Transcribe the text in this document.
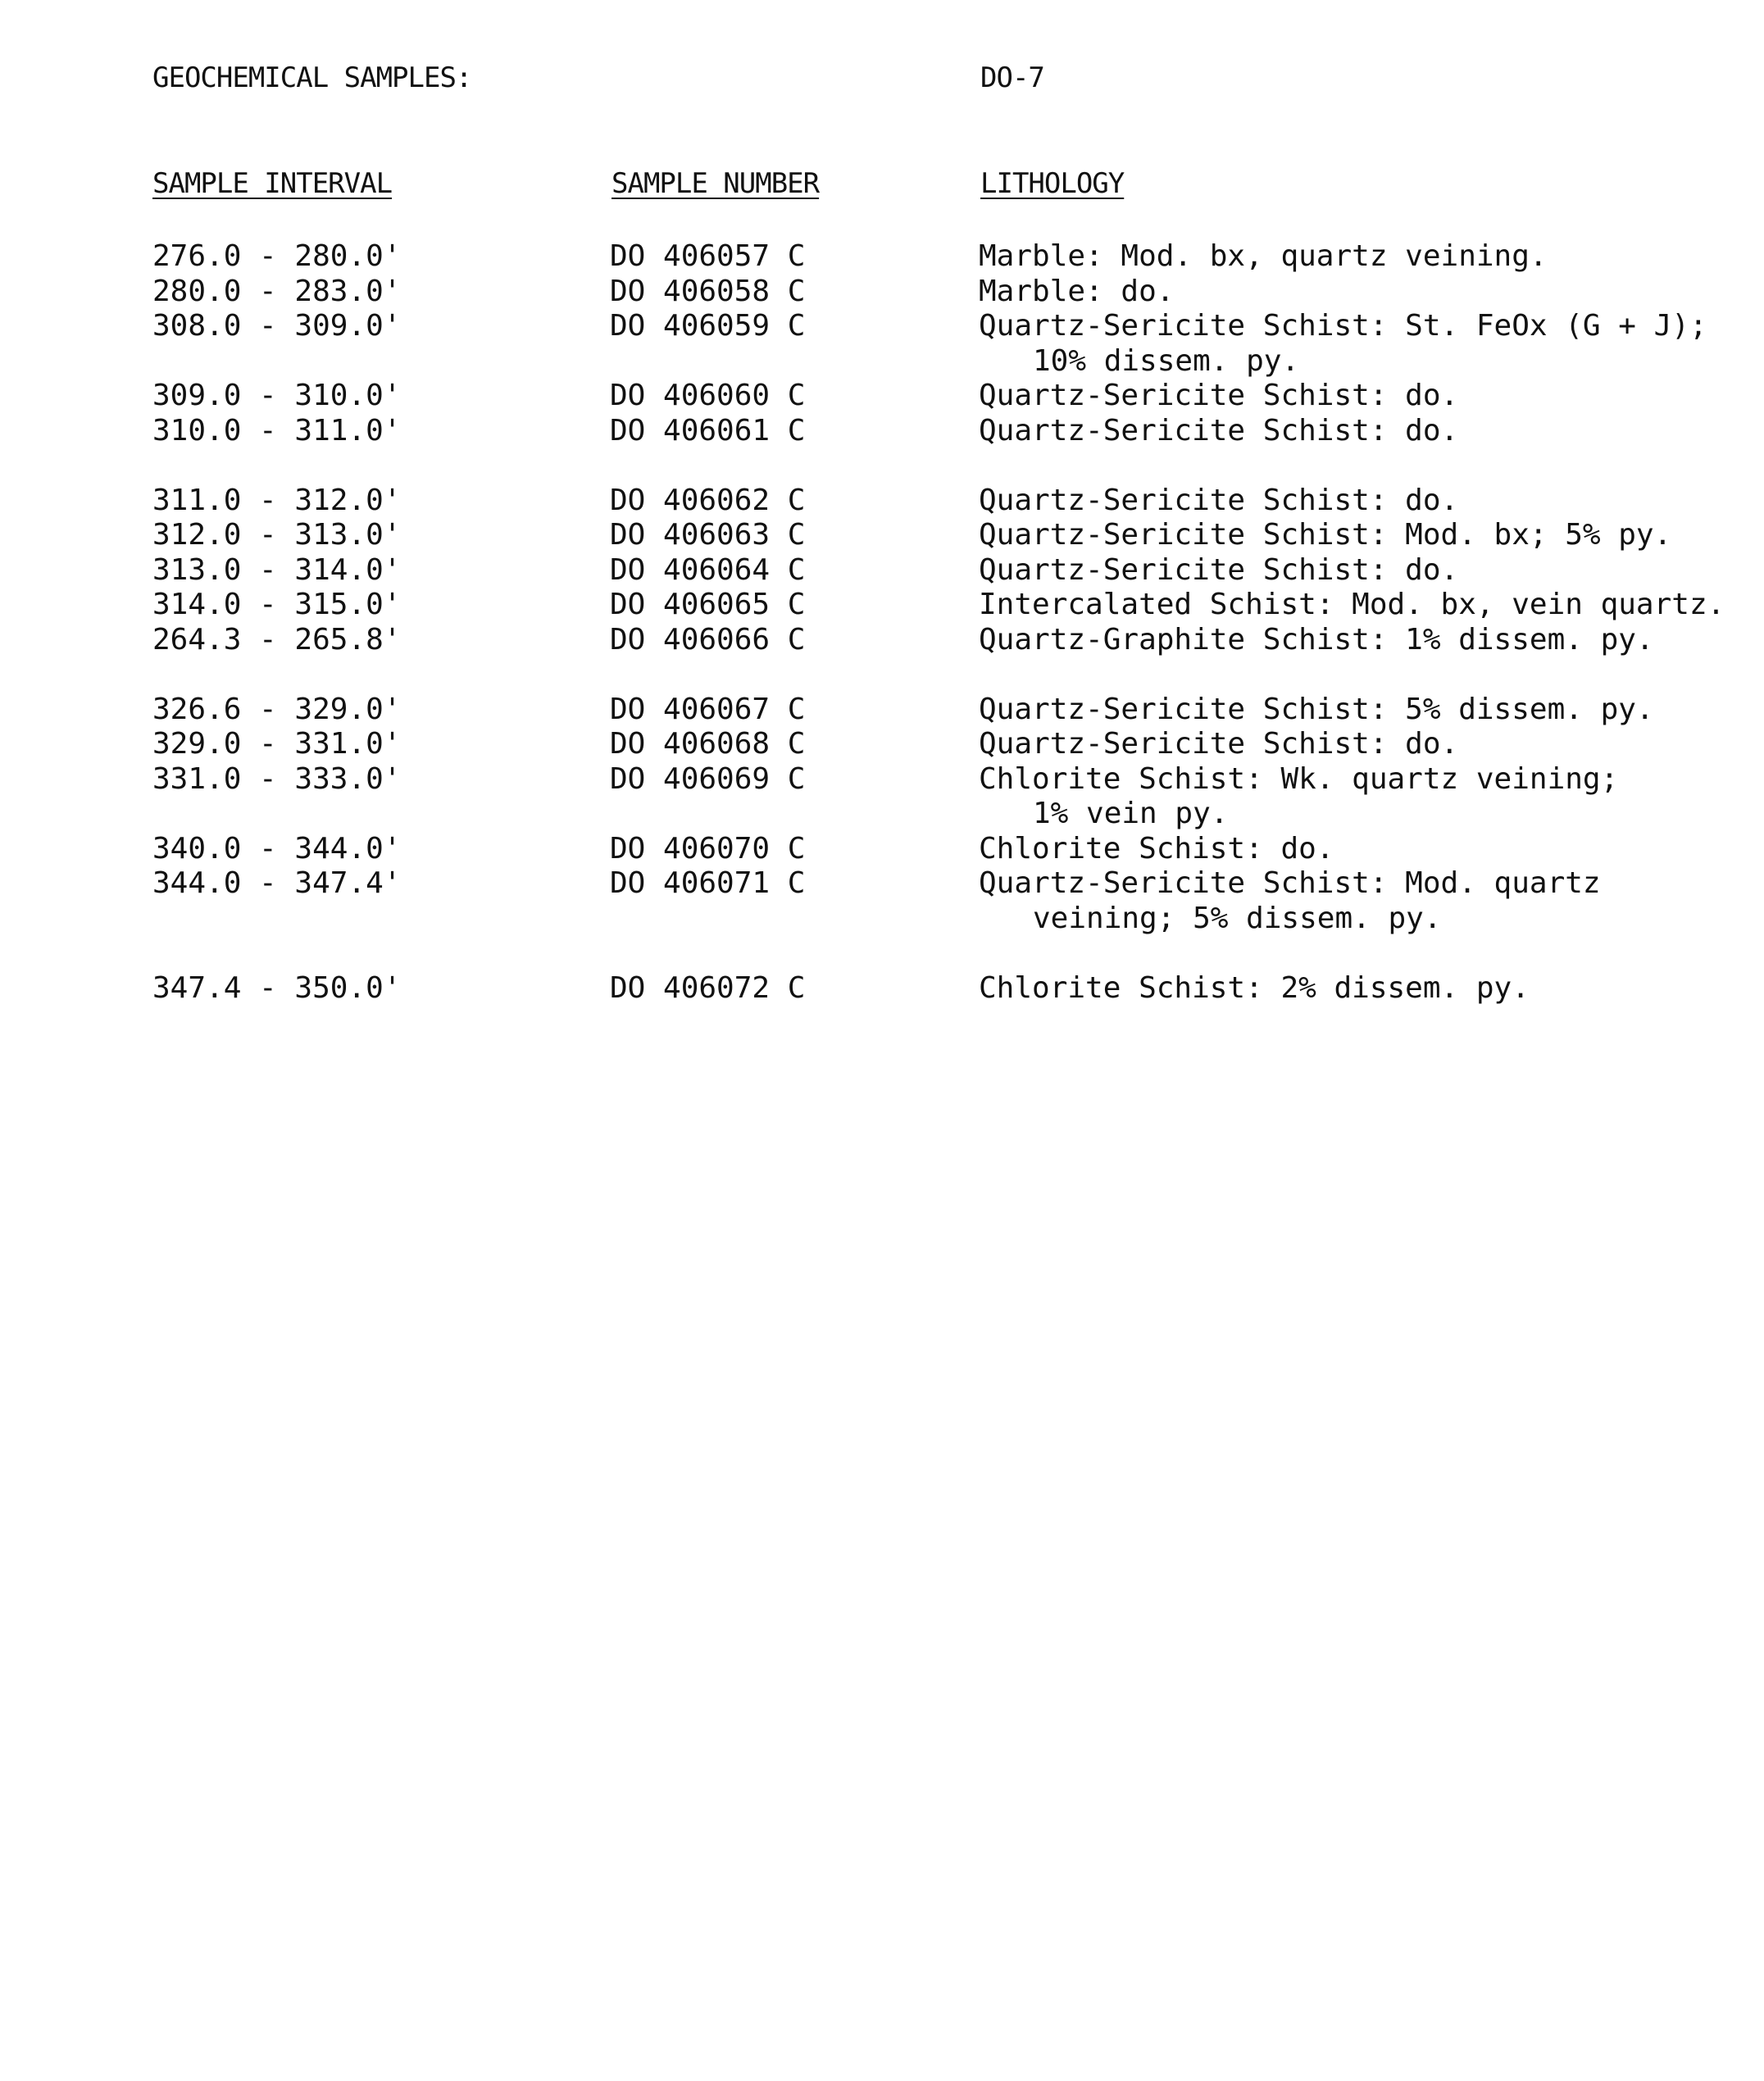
GEOCHEMICAL SAMPLES:	DO-7
SAMPLE INTERVAL	SAMPLE NUMBER	LITHOLOGY
276.0 - 280.0'	DO 406057 C	Marble: Mod. bx, quartz veining.
280.0 - 283.0'	DO 406058 C	Marble: do.
308.0 - 309.0'	DO 406059 C	Quartz-Sericite Schist: St. FeOx (G + J);
10% dissem. py.
309.0 - 310.0'	DO 406060 C	Quartz-Sericite Schist: do.
310.0 - 311.0'	DO 406061 C	Quartz-Sericite Schist: do.
311.0 - 312.0'	DO 406062 C	Quartz-Sericite Schist: do.
312.0 - 313.0'	DO 406063 C	Quartz-Sericite Schist: Mod. bx; 5% py.
313.0 - 314.0'	DO 406064 C	Quartz-Sericite Schist: do.
314.0 - 315.0'	DO 406065 C	Intercalated Schist: Mod. bx, vein quartz.
264.3 - 265.8'	DO 406066 C	Quartz-Graphite Schist: 1% dissem. py.
326.6 - 329.0'	DO 406067 C	Quartz-Sericite Schist: 5% dissem. py.
329.0 - 331.0'	DO 406068 C	Quartz-Sericite Schist: do.
331.0 - 333.0'	DO 406069 C	Chlorite Schist: Wk. quartz veining;
1% vein py.
340.0 - 344.0'	DO 406070 C	Chlorite Schist: do.
344.0 - 347.4'	DO 406071 C	Quartz-Sericite Schist: Mod. quartz
veining; 5% dissem. py.
347.4 - 350.0'	DO 406072 C	Chlorite Schist: 2% dissem. py.
